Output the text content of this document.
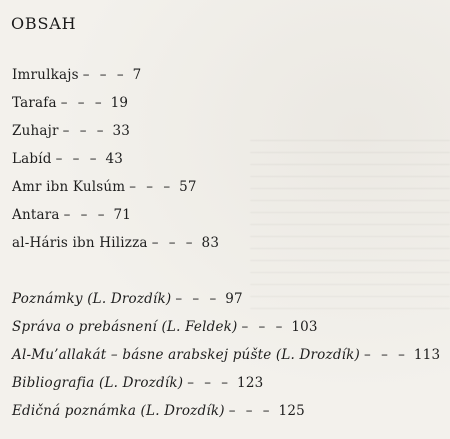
OBSAH
Imrulkajs – – – 7
Tarafa – – – 19
Zuhajr – – – 33
Labíd – – – 43
Amr ibn Kulsúm – – – 57
Antara – – – 71
al-Háris ibn Hilizza – – – 83
Poznámky (L. Drozdík) – – – 97
Správa o prebásnení (L. Feldek) – – – 103
Al-Mu’allakát – básne arabskej púšte (L. Drozdík) – – – 113
Bibliografia (L. Drozdík) – – – 123
Edičná poznámka (L. Drozdík) – – – 125
